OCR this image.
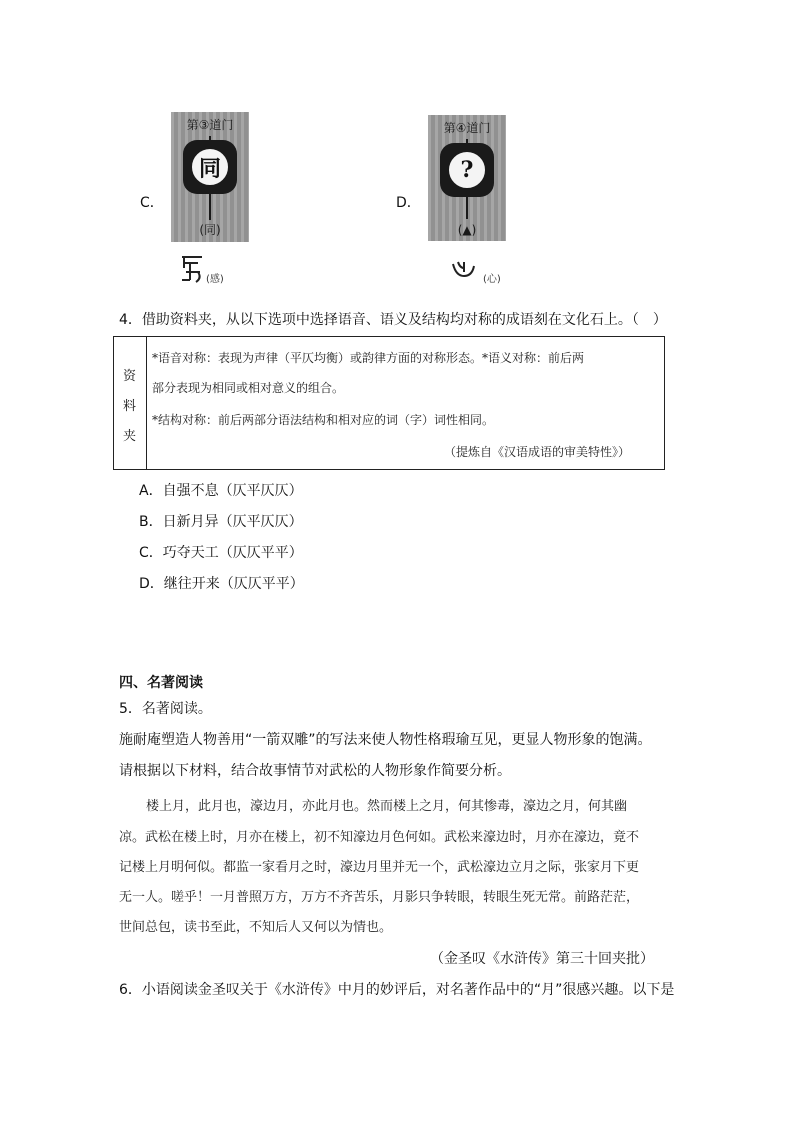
C．
第③道门
同
(同)
(感)
D．
第④道门
?
(▲)
(心)
4．借助资料夹，从以下选项中选择语音、语义及结构均对称的成语刻在文化石上。（　）
资
料
夹
*语音对称：表现为声律（平仄均衡）或韵律方面的对称形态。*语义对称：前后两
部分表现为相同或相对意义的组合。
*结构对称：前后两部分语法结构和相对应的词（字）词性相同。
（提炼自《汉语成语的审美特性》）
A．自强不息（仄平仄仄）
B．日新月异（仄平仄仄）
C．巧夺天工（仄仄平平）
D．继往开来（仄仄平平）
四、名著阅读
5．名著阅读。
施耐庵塑造人物善用“一箭双雕”的写法来使人物性格瑕瑜互见，更显人物形象的饱满。
请根据以下材料，结合故事情节对武松的人物形象作简要分析。
楼上月，此月也，濠边月，亦此月也。然而楼上之月，何其惨毒，濠边之月，何其幽
凉。武松在楼上时，月亦在楼上，初不知濠边月色何如。武松来濠边时，月亦在濠边，竟不
记楼上月明何似。都监一家看月之时，濠边月里并无一个，武松濠边立月之际，张家月下更
无一人。嗟乎！一月普照万方，万方不齐苦乐，月影只争转眼，转眼生死无常。前路茫茫，
世间总包，读书至此，不知后人又何以为情也。
（金圣叹《水浒传》第三十回夹批）
6．小语阅读金圣叹关于《水浒传》中月的妙评后，对名著作品中的“月”很感兴趣。以下是
